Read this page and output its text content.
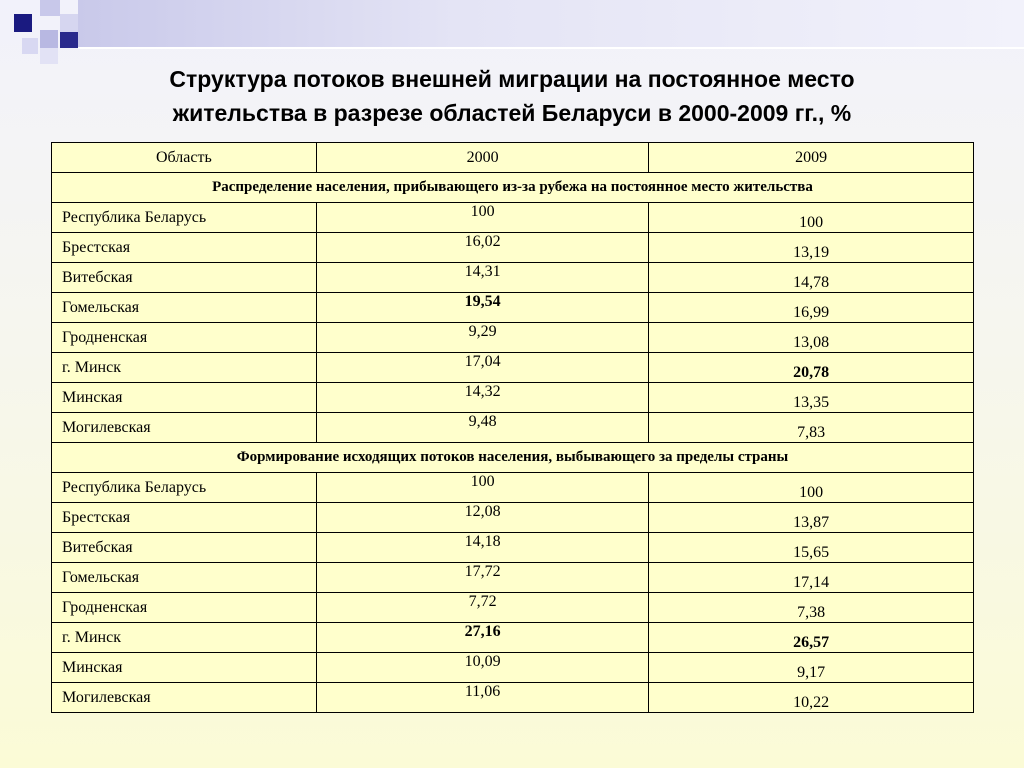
Структура потоков внешней миграции на постоянное место
жительства в разрезе областей Беларуси в 2000-2009 гг., %
Область	2000	2009
Распределение населения, прибывающего из-за рубежа на постоянное место жительства		
Республика Беларусь	100	100
Брестская	16,02	13,19
Витебская	14,31	14,78
Гомельская	19,54	16,99
Гродненская	9,29	13,08
г. Минск	17,04	20,78
Минская	14,32	13,35
Могилевская	9,48	7,83
Формирование исходящих потоков населения, выбывающего за пределы страны		
Республика Беларусь	100	100
Брестская	12,08	13,87
Витебская	14,18	15,65
Гомельская	17,72	17,14
Гродненская	7,72	7,38
г. Минск	27,16	26,57
Минская	10,09	9,17
Могилевская	11,06	10,22
